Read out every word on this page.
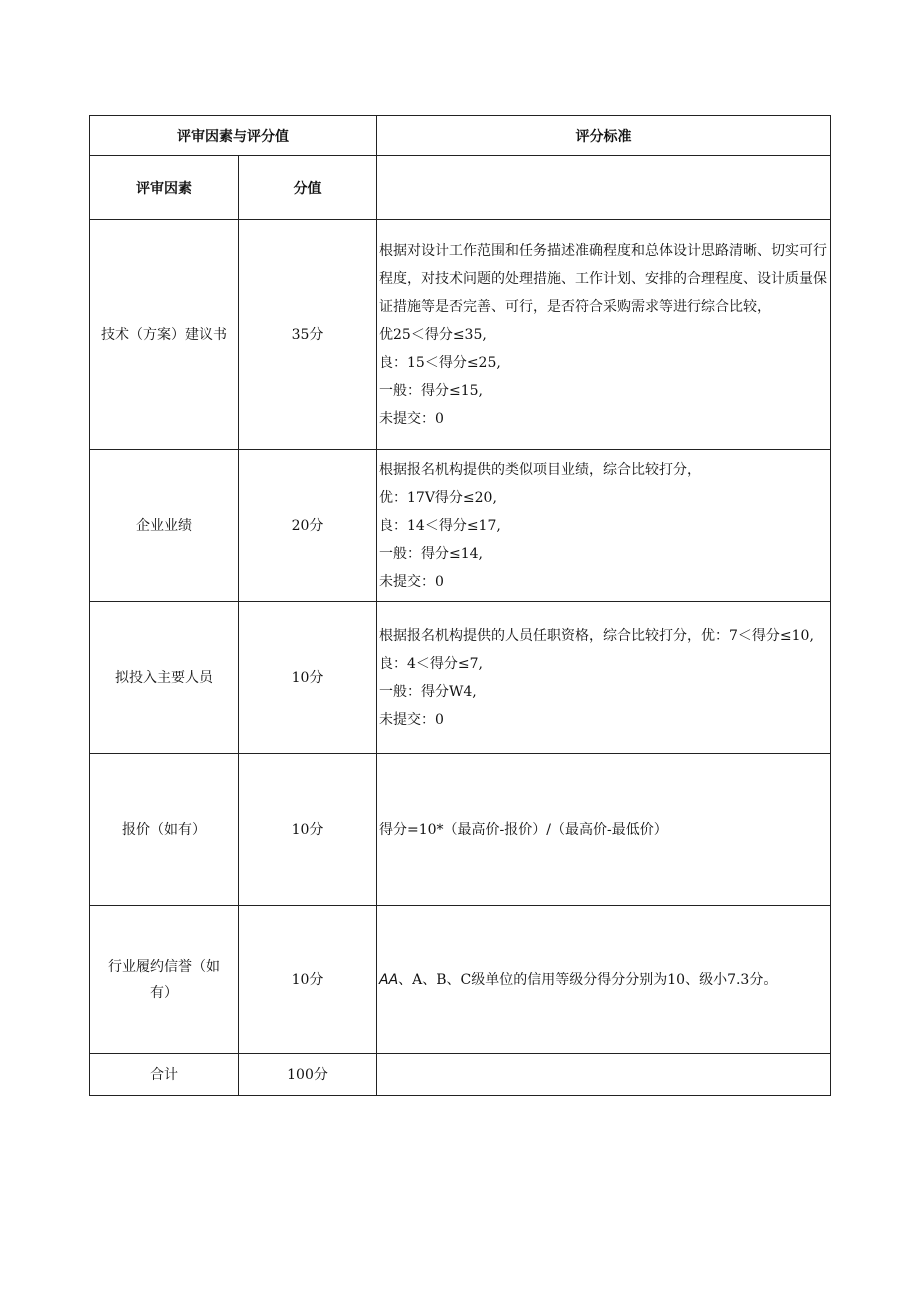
评审因素与评分值		评分标准
评审因素	分值	
技术（方案）建议书	35分	根据对设计工作范围和任务描述准确程度和总体设计思路清晰、切实可行程度，对技术问题的处理措施、工作计划、安排的合理程度、设计质量保证措施等是否完善、可行，是否符合采购需求等进行综合比较，
优25＜得分≤35,
良：15＜得分≤25,
一般：得分≤15,
未提交：0

企业业绩	20分	根据报名机构提供的类似项目业绩，综合比较打分，
优：17V得分≤20,
良：14＜得分≤17,
一般：得分≤14,
未提交：0

拟投入主要人员	10分	根据报名机构提供的人员任职资格，综合比较打分，优：7＜得分≤10,
良：4＜得分≤7,
一般：得分W4,
未提交：0

报价（如有）	10分	得分=10*（最高价-报价）/（最高价-最低价）

行业履约信誉（如有）	10分	AA、A、B、C级单位的信用等级分得分分别为10、级小7.3分。
合计	100分	
